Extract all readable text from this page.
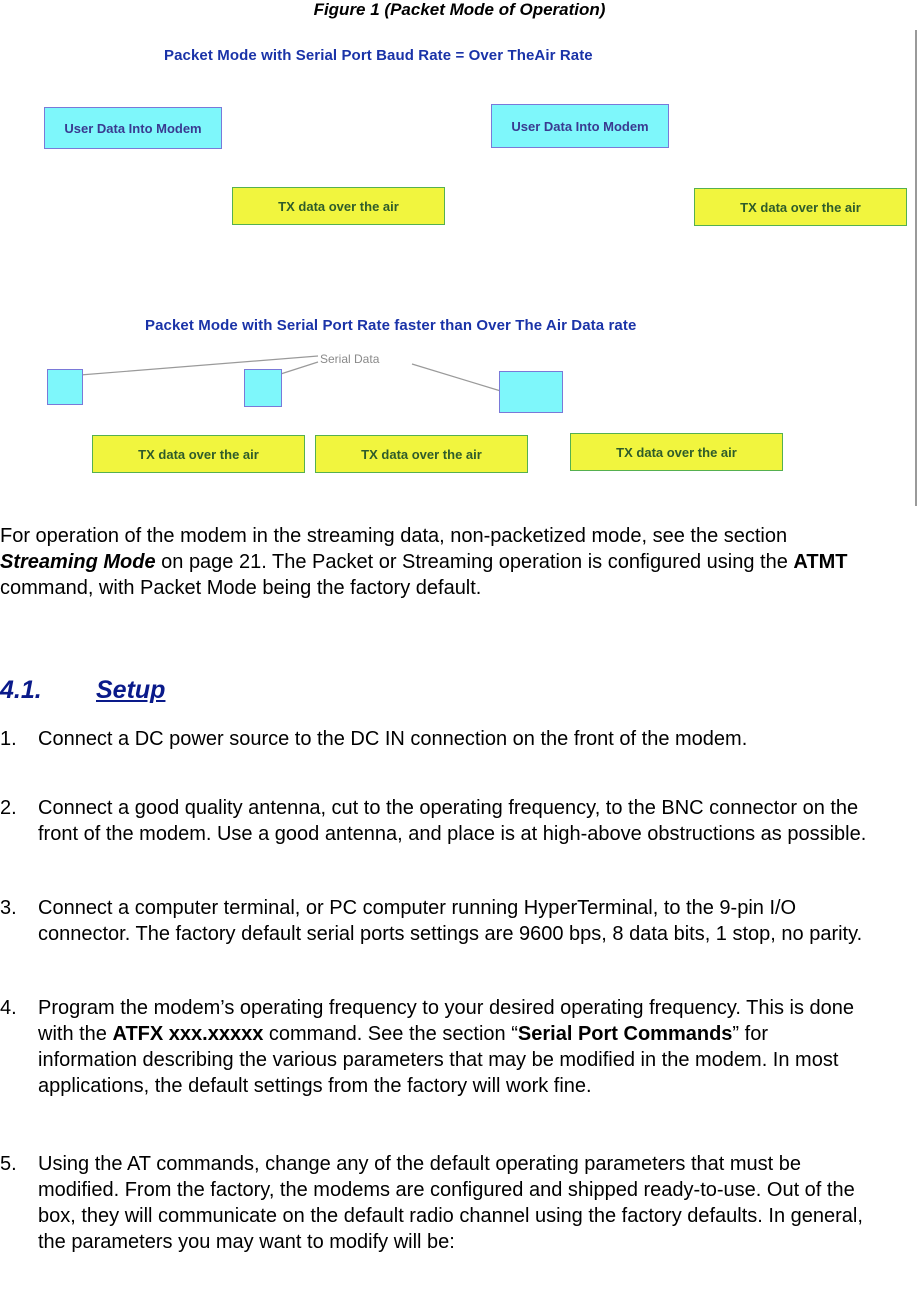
Figure 1 (Packet Mode of Operation)
Packet Mode with Serial Port Baud Rate = Over TheAir Rate
User Data Into Modem	User Data Into Modem
TX data over the air	TX data over the air
Packet Mode with Serial Port Rate faster than Over The Air Data rate
Serial Data
TX data over the air	TX data over the air	TX data over the air
For operation of the modem in the streaming data, non-packetized mode, see the section Streaming Mode on page 21. The Packet or Streaming operation is configured using the ATMT command, with Packet Mode being the factory default.
4.1. Setup
1.	Connect a DC power source to the DC IN connection on the front of the modem.
2.	Connect a good quality antenna, cut to the operating frequency, to the BNC connector on the front of the modem. Use a good antenna, and place is at high-above obstructions as possible.
3.	Connect a computer terminal, or PC computer running HyperTerminal, to the 9-pin I/O connector. The factory default serial ports settings are 9600 bps, 8 data bits, 1 stop, no parity.
4.	Program the modem’s operating frequency to your desired operating frequency. This is done with the ATFX xxx.xxxxx command. See the section “Serial Port Commands” for information describing the various parameters that may be modified in the modem. In most applications, the default settings from the factory will work fine.
5.	Using the AT commands, change any of the default operating parameters that must be modified. From the factory, the modems are configured and shipped ready-to-use. Out of the box, they will communicate on the default radio channel using the factory defaults. In general, the parameters you may want to modify will be:
